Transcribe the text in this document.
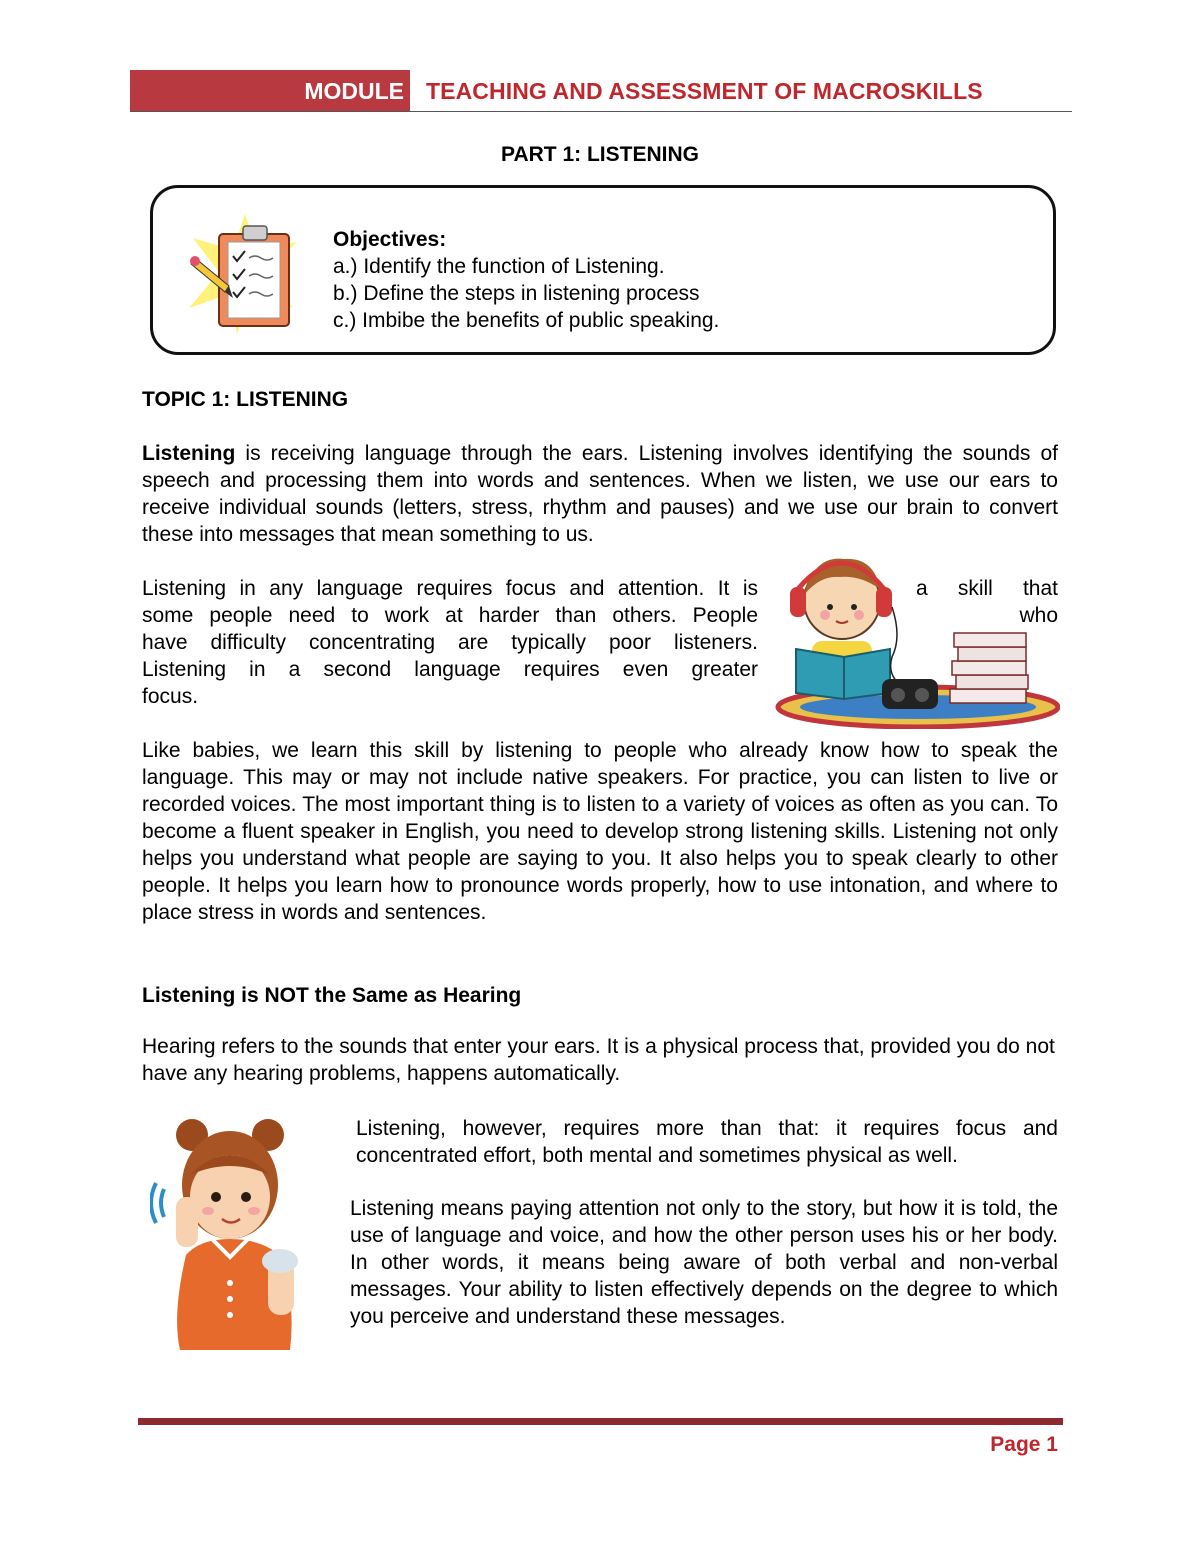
MODULE TEACHING AND ASSESSMENT OF MACROSKILLS
PART 1: LISTENING
Objectives:
a.) Identify the function of Listening.
b.) Define the steps in listening process
c.) Imbibe the benefits of public speaking.
TOPIC 1: LISTENING
Listening is receiving language through the ears. Listening involves identifying the sounds of speech and processing them into words and sentences. When we listen, we use our ears to receive individual sounds (letters, stress, rhythm and pauses) and we use our brain to convert these into messages that mean something to us.
Listening in any language requires focus and attention. It is
some people need to work at harder than others. People
have difficulty concentrating are typically poor listeners.
Listening in a second language requires even greater
focus.
a skill that
who
Like babies, we learn this skill by listening to people who already know how to speak the language. This may or may not include native speakers. For practice, you can listen to live or recorded voices. The most important thing is to listen to a variety of voices as often as you can. To become a fluent speaker in English, you need to develop strong listening skills. Listening not only helps you understand what people are saying to you. It also helps you to speak clearly to other people. It helps you learn how to pronounce words properly, how to use intonation, and where to place stress in words and sentences.
Listening is NOT the Same as Hearing
Hearing refers to the sounds that enter your ears. It is a physical process that, provided you do not have any hearing problems, happens automatically.
Listening, however, requires more than that: it requires focus and concentrated effort, both mental and sometimes physical as well.
Listening means paying attention not only to the story, but how it is told, the use of language and voice, and how the other person uses his or her body. In other words, it means being aware of both verbal and non-verbal messages. Your ability to listen effectively depends on the degree to which you perceive and understand these messages.
Page 1
